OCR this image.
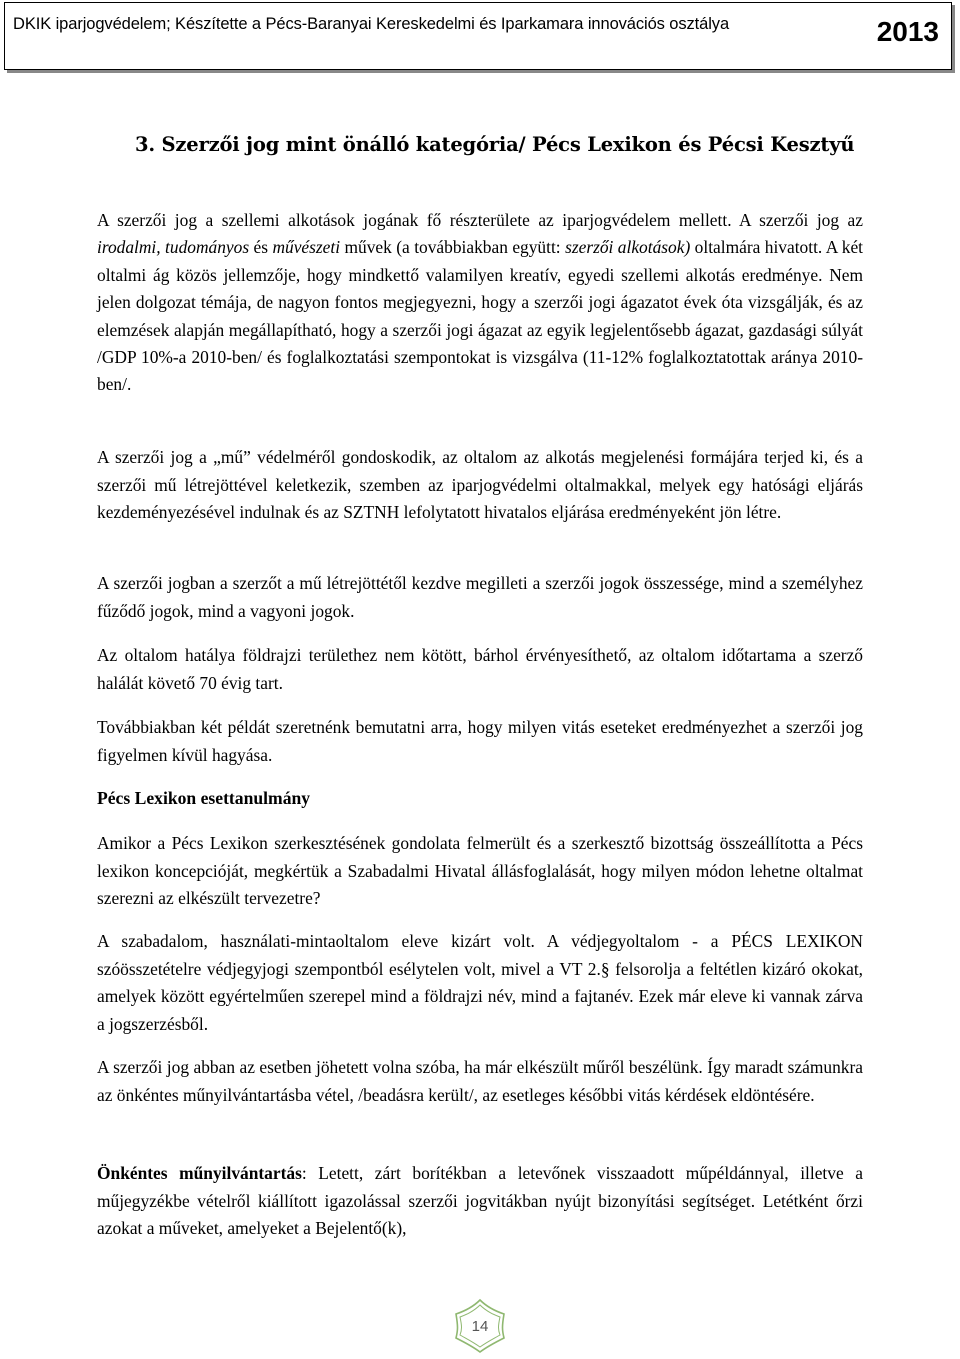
DKIK iparjogvédelem; Készítette a Pécs-Baranyai Kereskedelmi és Iparkamara innovációs osztálya	2013
3. Szerzői jog mint önálló kategória/ Pécs Lexikon és Pécsi Kesztyű

A szerzői jog a szellemi alkotások jogának fő részterülete az iparjogvédelem mellett. A szerzői jog az irodalmi, tudományos és művészeti művek (a továbbiakban együtt: szerzői alkotások) oltalmára hivatott. A két oltalmi ág közös jellemzője, hogy mindkettő valamilyen kreatív, egyedi szellemi alkotás eredménye. Nem jelen dolgozat témája, de nagyon fontos megjegyezni, hogy a szerzői jogi ágazatot évek óta vizsgálják, és az elemzések alapján megállapítható, hogy a szerzői jogi ágazat az egyik legjelentősebb ágazat, gazdasági súlyát /GDP 10%-a 2010-ben/ és foglalkoztatási szempontokat is vizsgálva (11-12% foglalkoztatottak aránya 2010-ben/.

A szerzői jog a „mű” védelméről gondoskodik, az oltalom az alkotás megjelenési formájára terjed ki, és a szerzői mű létrejöttével keletkezik, szemben az iparjogvédelmi oltalmakkal, melyek egy hatósági eljárás kezdeményezésével indulnak és az SZTNH lefolytatott hivatalos eljárása eredményeként jön létre.

A szerzői jogban a szerzőt a mű létrejöttétől kezdve megilleti a szerzői jogok összessége, mind a személyhez fűződő jogok, mind a vagyoni jogok.

Az oltalom hatálya földrajzi területhez nem kötött, bárhol érvényesíthető, az oltalom időtartama a szerző halálát követő 70 évig tart.

Továbbiakban két példát szeretnénk bemutatni arra, hogy milyen vitás eseteket eredményezhet a szerzői jog figyelmen kívül hagyása.

Pécs Lexikon esettanulmány

Amikor a Pécs Lexikon szerkesztésének gondolata felmerült és a szerkesztő bizottság összeállította a Pécs lexikon koncepcióját, megkértük a Szabadalmi Hivatal állásfoglalását, hogy milyen módon lehetne oltalmat szerezni az elkészült tervezetre?

A szabadalom, használati-mintaoltalom eleve kizárt volt. A védjegyoltalom - a PÉCS LEXIKON szóösszetételre védjegyjogi szempontból esélytelen volt, mivel a VT 2.§ felsorolja a feltétlen kizáró okokat, amelyek között egyértelműen szerepel mind a földrajzi név, mind a fajtanév. Ezek már eleve ki vannak zárva a jogszerzésből.

A szerzői jog abban az esetben jöhetett volna szóba, ha már elkészült műről beszélünk. Így maradt számunkra az önkéntes műnyilvántartásba vétel, /beadásra került/, az esetleges későbbi vitás kérdések eldöntésére.

Önkéntes műnyilvántartás: Letett, zárt borítékban a letevőnek visszaadott műpéldánnyal, illetve a műjegyzékbe vételről kiállított igazolással szerzői jogvitákban nyújt bizonyítási segítséget. Letétként őrzi azokat a műveket, amelyeket a Bejelentő(k),

14
